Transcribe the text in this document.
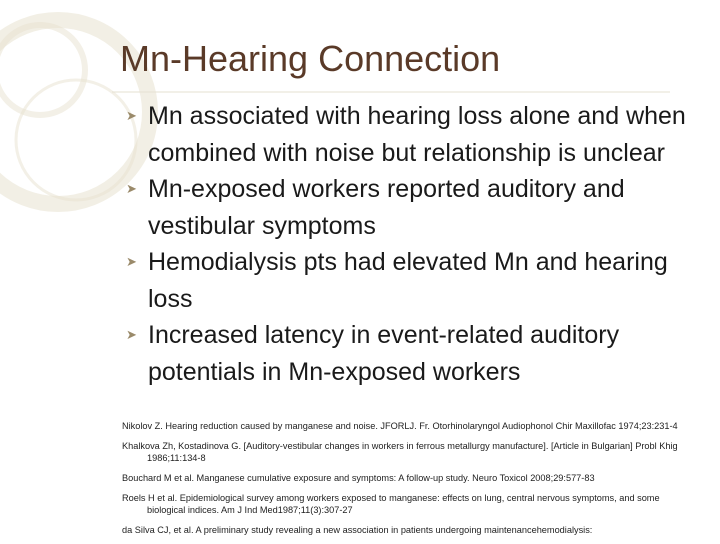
Mn-Hearing Connection
➤ Mn associated with hearing loss alone and when combined with noise but relationship is unclear
➤ Mn-exposed workers reported auditory and vestibular symptoms
➤ Hemodialysis pts had elevated Mn and hearing loss
➤ Increased latency in event-related auditory potentials in Mn-exposed workers

Nikolov Z. Hearing reduction caused by manganese and noise. JFORLJ. Fr. Otorhinolaryngol Audiophonol Chir Maxillofac 1974;23:231-4

Khalkova Zh, Kostadinova G. [Auditory-vestibular changes in workers in ferrous metallurgy manufacture]. [Article in Bulgarian] Probl Khig 1986;11:134-8

Bouchard M et al. Manganese cumulative exposure and symptoms: A follow-up study. Neuro Toxicol 2008;29:577-83

Roels H et al. Epidemiological survey among workers exposed to manganese: effects on lung, central nervous symptoms, and some biological indices. Am J Ind Med1987;11(3):307-27

da Silva CJ, et al. A preliminary study revealing a new association in patients undergoing maintenancehemodialysis:
